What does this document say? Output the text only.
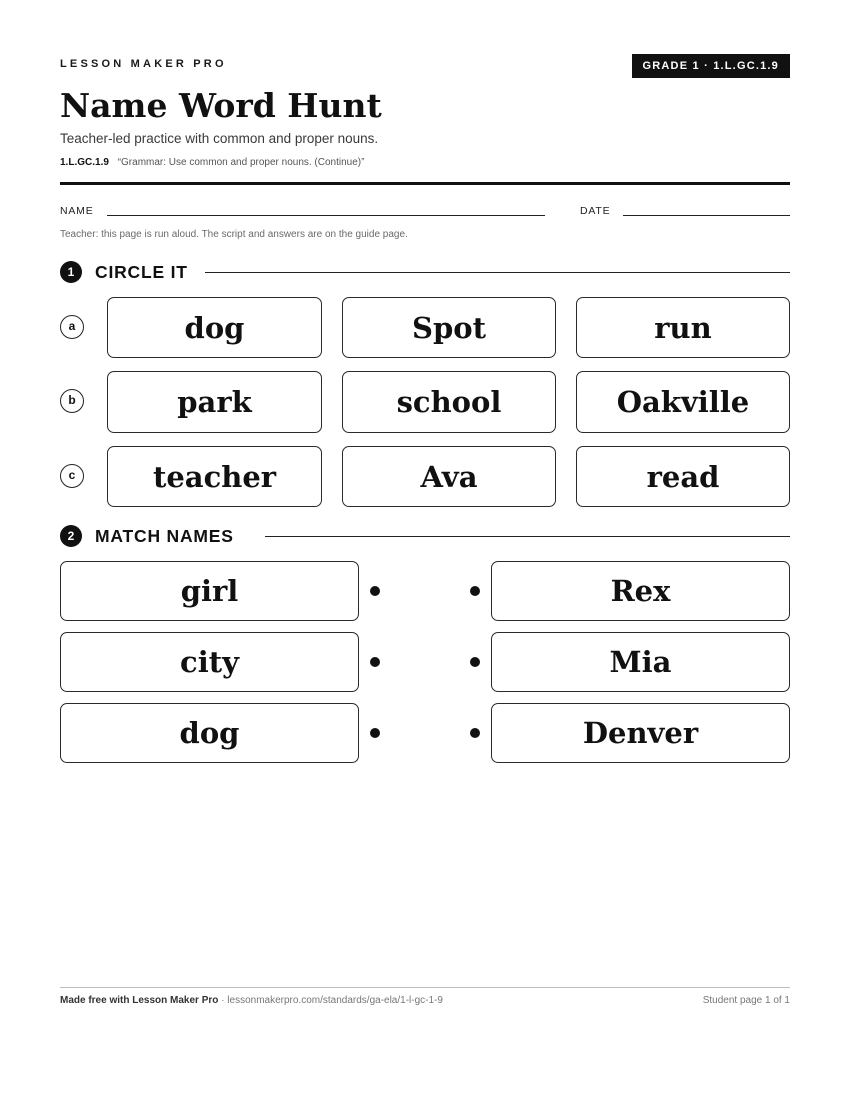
LESSON MAKER PRO	GRADE 1 · 1.L.GC.1.9
Name Word Hunt
Teacher-led practice with common and proper nouns.
1.L.GC.1.9 “Grammar: Use common and proper nouns. (Continue)”
NAME	DATE
Teacher: this page is run aloud. The script and answers are on the guide page.
1	CIRCLE IT
a	dog	Spot	run
b	park	school	Oakville
c	teacher	Ava	read
2	MATCH NAMES
girl	Rex
city	Mia
dog	Denver
Made free with Lesson Maker Pro · lessonmakerpro.com/standards/ga-ela/1-l-gc-1-9	Student page 1 of 1
